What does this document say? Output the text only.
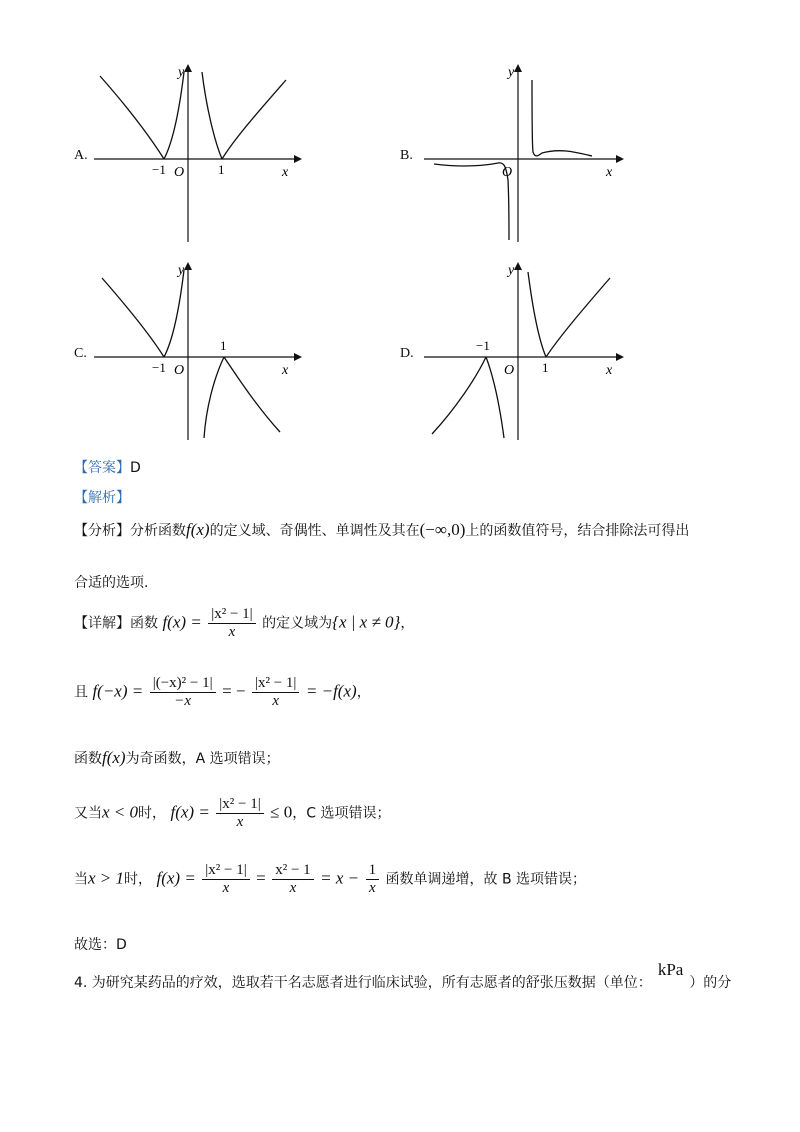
A.
y
x
O
−1	1
B.
y
x
O
C.
y
x
O
−1
1
D.
y
x
O
−1
1
【答案】D
【解析】
【分析】分析函数f(x)的定义域、奇偶性、单调性及其在(−∞,0)上的函数值符号，结合排除法可得出
合适的选项.
【详解】函数 $f(x) = \frac{\text{|x² − 1|}}{x}$ 的定义域为{x | x ≠ 0}，
且 $f(-x) = \frac{\text{|(−x)² − 1|}}{-x}$ = − $\frac{\text{|x² − 1|}}{x} = -f(x)$，
函数f(x)为奇函数，A 选项错误；
又当x < 0时， $f(x) = \frac{\text{|x² − 1|}}{x} \le 0$，C 选项错误；
当x > 1时， $f(x) = \frac{\text{|x² − 1|}}{x} = \frac{\text{x² − 1}}{x} = x - \frac{1}{x}$ 函数单调递增，故 B 选项错误；
故选：D
4. 为研究某药品的疗效，选取若干名志愿者进行临床试验，所有志愿者的舒张压数据（单位：kPa）的分
